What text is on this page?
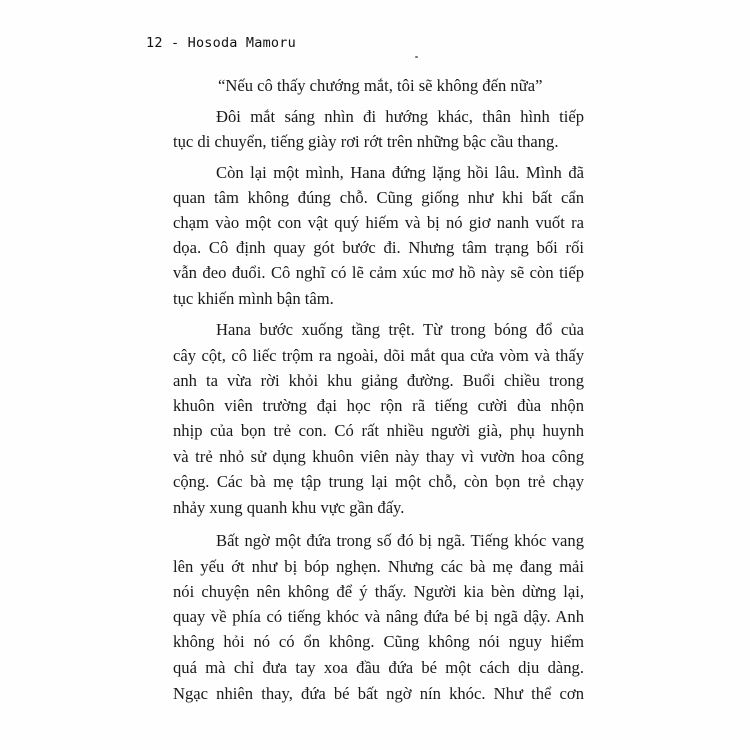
12 - Hosoda Mamoru
“Nếu cô thấy chướng mắt, tôi sẽ không đến nữa”
Đôi mắt sáng nhìn đi hướng khác, thân hình tiếp
tục di chuyển, tiếng giày rơi rớt trên những bậc cầu thang.
Còn lại một mình, Hana đứng lặng hồi lâu. Mình đã
quan tâm không đúng chỗ. Cũng giống như khi bất cẩn
chạm vào một con vật quý hiếm và bị nó giơ nanh vuốt ra
dọa. Cô định quay gót bước đi. Nhưng tâm trạng bối rối
vẫn đeo đuổi. Cô nghĩ có lẽ cảm xúc mơ hồ này sẽ còn tiếp
tục khiến mình bận tâm.
Hana bước xuống tầng trệt. Từ trong bóng đổ của
cây cột, cô liếc trộm ra ngoài, dõi mắt qua cửa vòm và thấy
anh ta vừa rời khỏi khu giảng đường. Buổi chiều trong
khuôn viên trường đại học rộn rã tiếng cười đùa nhộn
nhịp của bọn trẻ con. Có rất nhiều người già, phụ huynh
và trẻ nhỏ sử dụng khuôn viên này thay vì vườn hoa công
cộng. Các bà mẹ tập trung lại một chỗ, còn bọn trẻ chạy
nhảy xung quanh khu vực gần đấy.
Bất ngờ một đứa trong số đó bị ngã. Tiếng khóc vang
lên yếu ớt như bị bóp nghẹn. Nhưng các bà mẹ đang mải
nói chuyện nên không để ý thấy. Người kia bèn dừng lại,
quay về phía có tiếng khóc và nâng đứa bé bị ngã dậy. Anh
không hỏi nó có ổn không. Cũng không nói nguy hiểm
quá mà chỉ đưa tay xoa đầu đứa bé một cách dịu dàng.
Ngạc nhiên thay, đứa bé bất ngờ nín khóc. Như thể cơn
